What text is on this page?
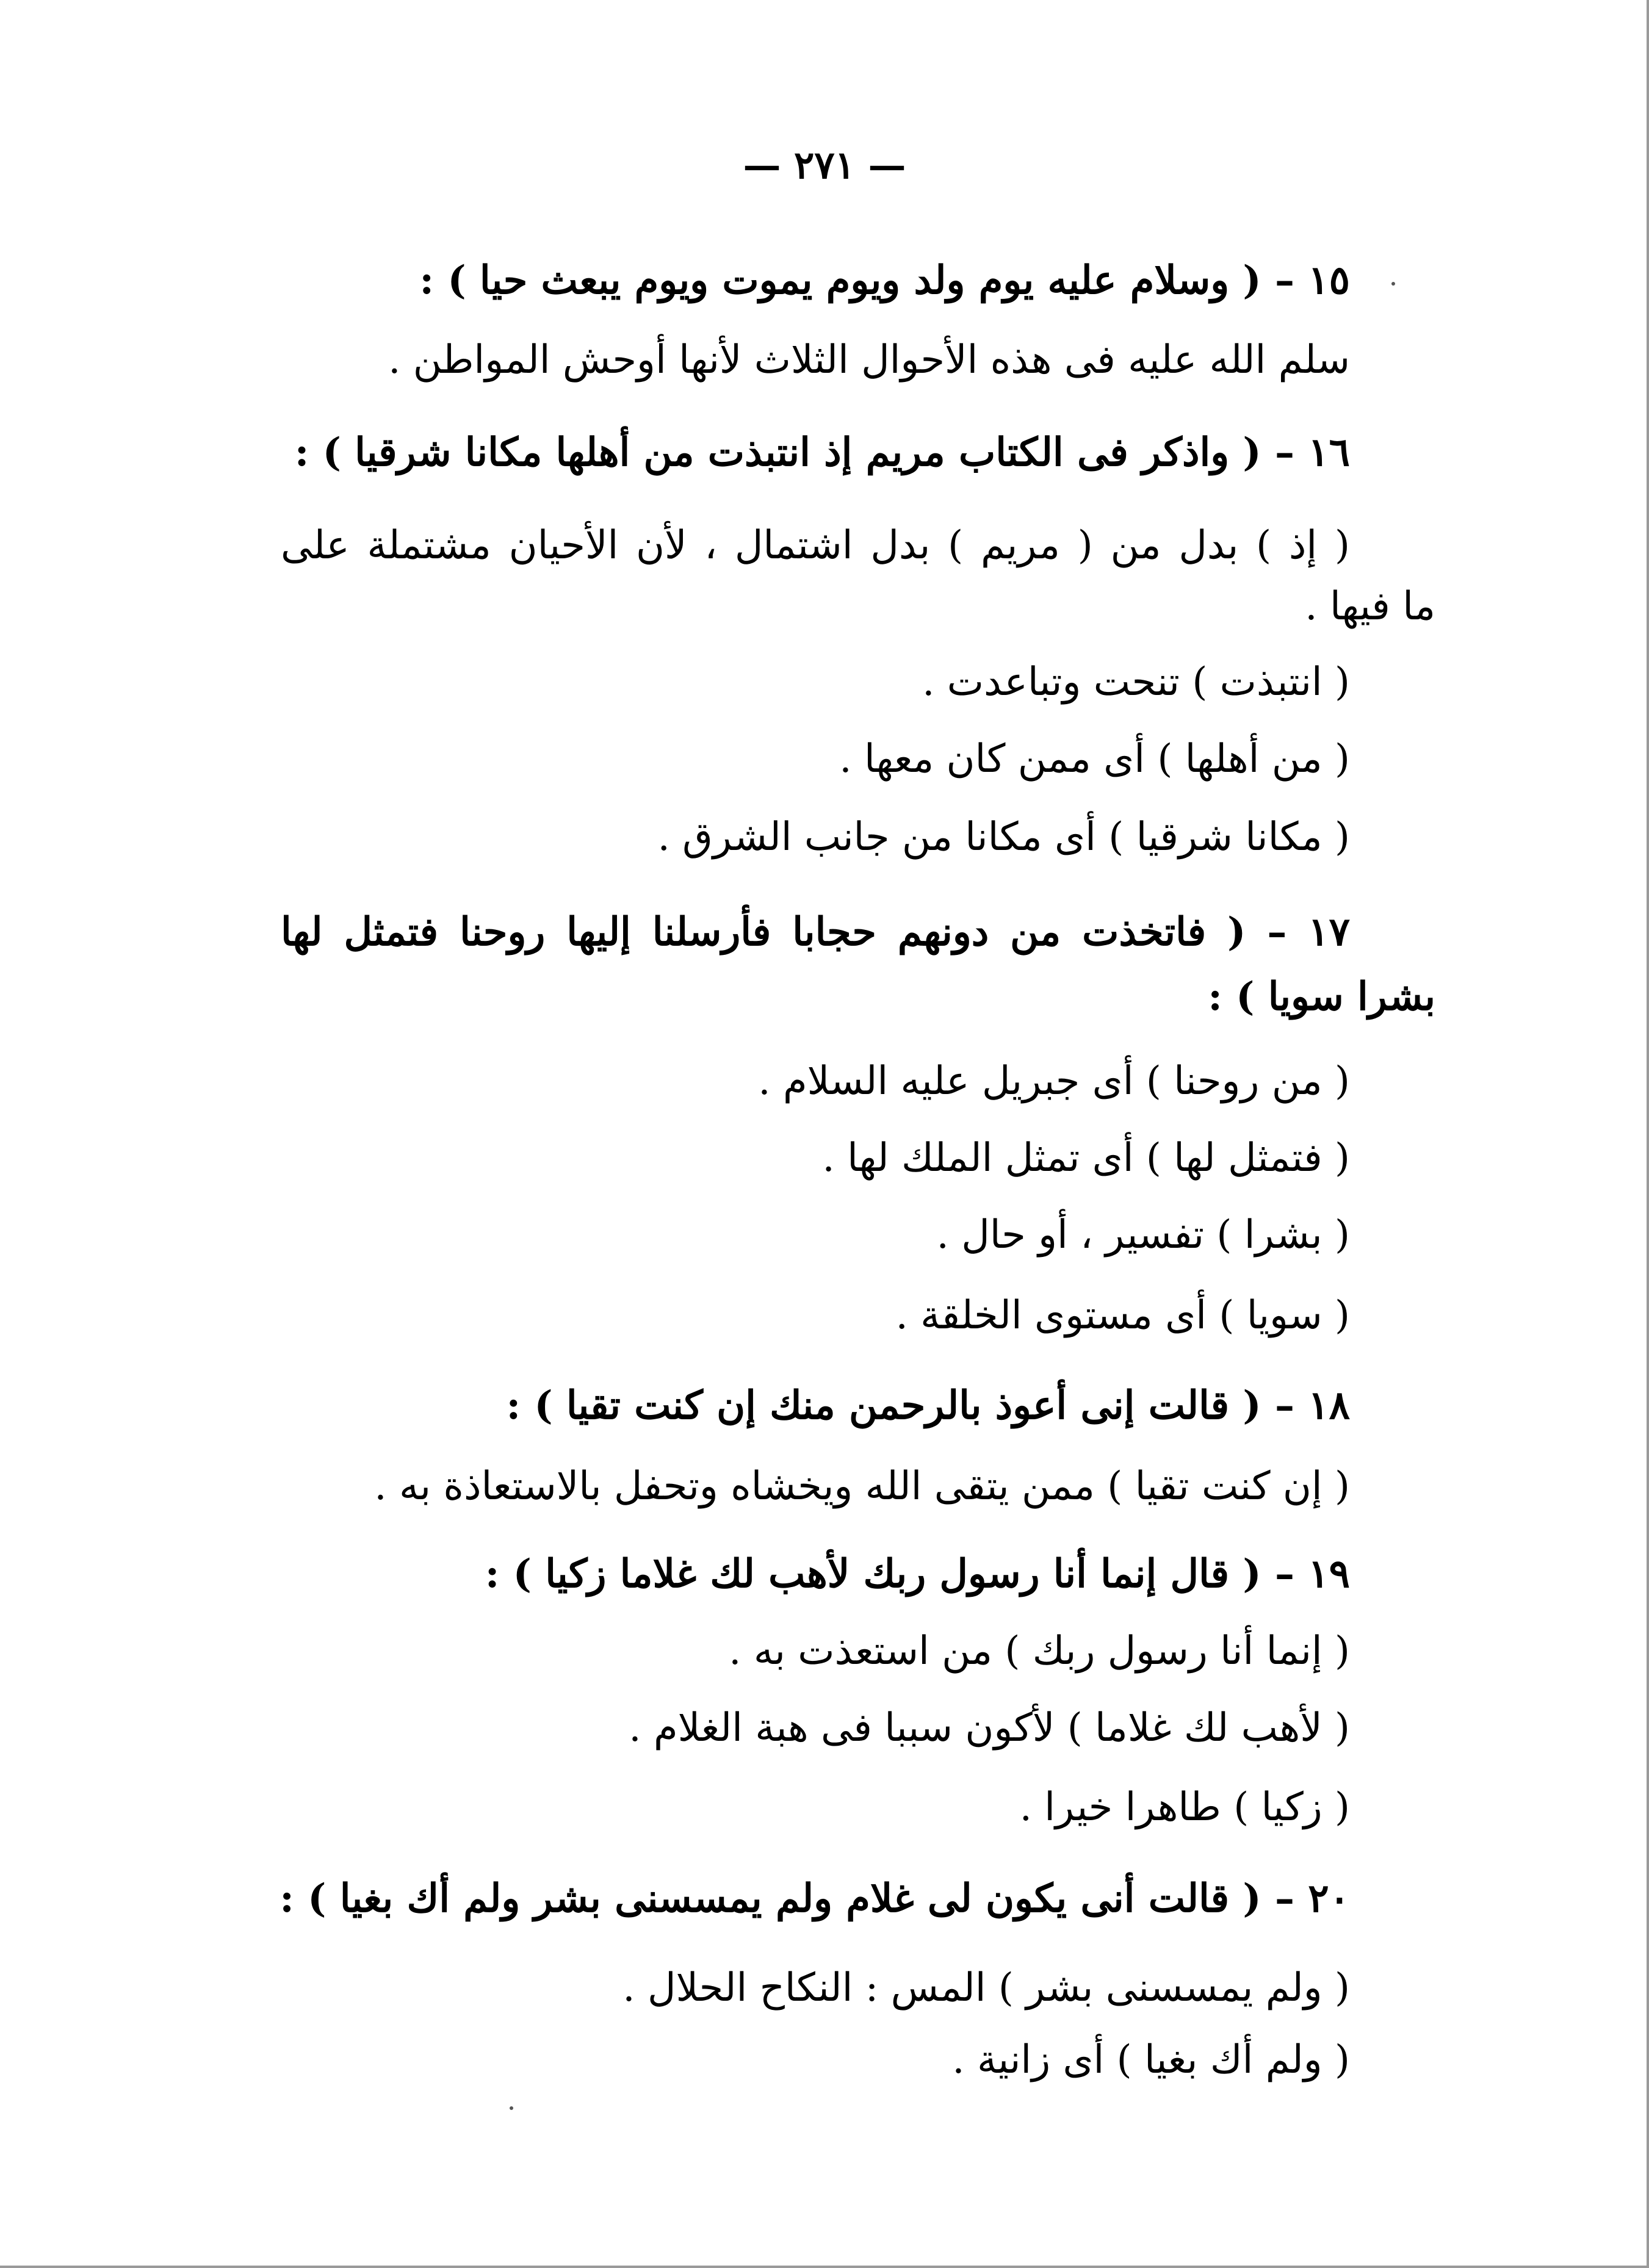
— ٢٧١ —
١٥ – ( وسلام عليه يوم ولد ويوم يموت ويوم يبعث حيا ) :
سلم الله عليه فى هذه الأحوال الثلاث لأنها أوحش المواطن .
١٦ – ( واذكر فى الكتاب مريم إذ انتبذت من أهلها مكانا شرقيا ) :
( إذ ) بدل من ( مريم ) بدل اشتمال ، لأن الأحيان مشتملة على
ما فيها .
( انتبذت ) تنحت وتباعدت .
( من أهلها ) أى ممن كان معها .
( مكانا شرقيا ) أى مكانا من جانب الشرق .
١٧ – ( فاتخذت من دونهم حجابا فأرسلنا إليها روحنا فتمثل لها
بشرا سويا ) :
( من روحنا ) أى جبريل عليه السلام .
( فتمثل لها ) أى تمثل الملك لها .
( بشرا ) تفسير ، أو حال .
( سويا ) أى مستوى الخلقة .
١٨ – ( قالت إنى أعوذ بالرحمن منك إن كنت تقيا ) :
( إن كنت تقيا ) ممن يتقى الله ويخشاه وتحفل بالاستعاذة به .
١٩ – ( قال إنما أنا رسول ربك لأهب لك غلاما زكيا ) :
( إنما أنا رسول ربك ) من استعذت به .
( لأهب لك غلاما ) لأكون سببا فى هبة الغلام .
( زكيا ) طاهرا خيرا .
٢٠ – ( قالت أنى يكون لى غلام ولم يمسسنى بشر ولم أك بغيا ) :
( ولم يمسسنى بشر ) المس : النكاح الحلال .
( ولم أك بغيا ) أى زانية .
